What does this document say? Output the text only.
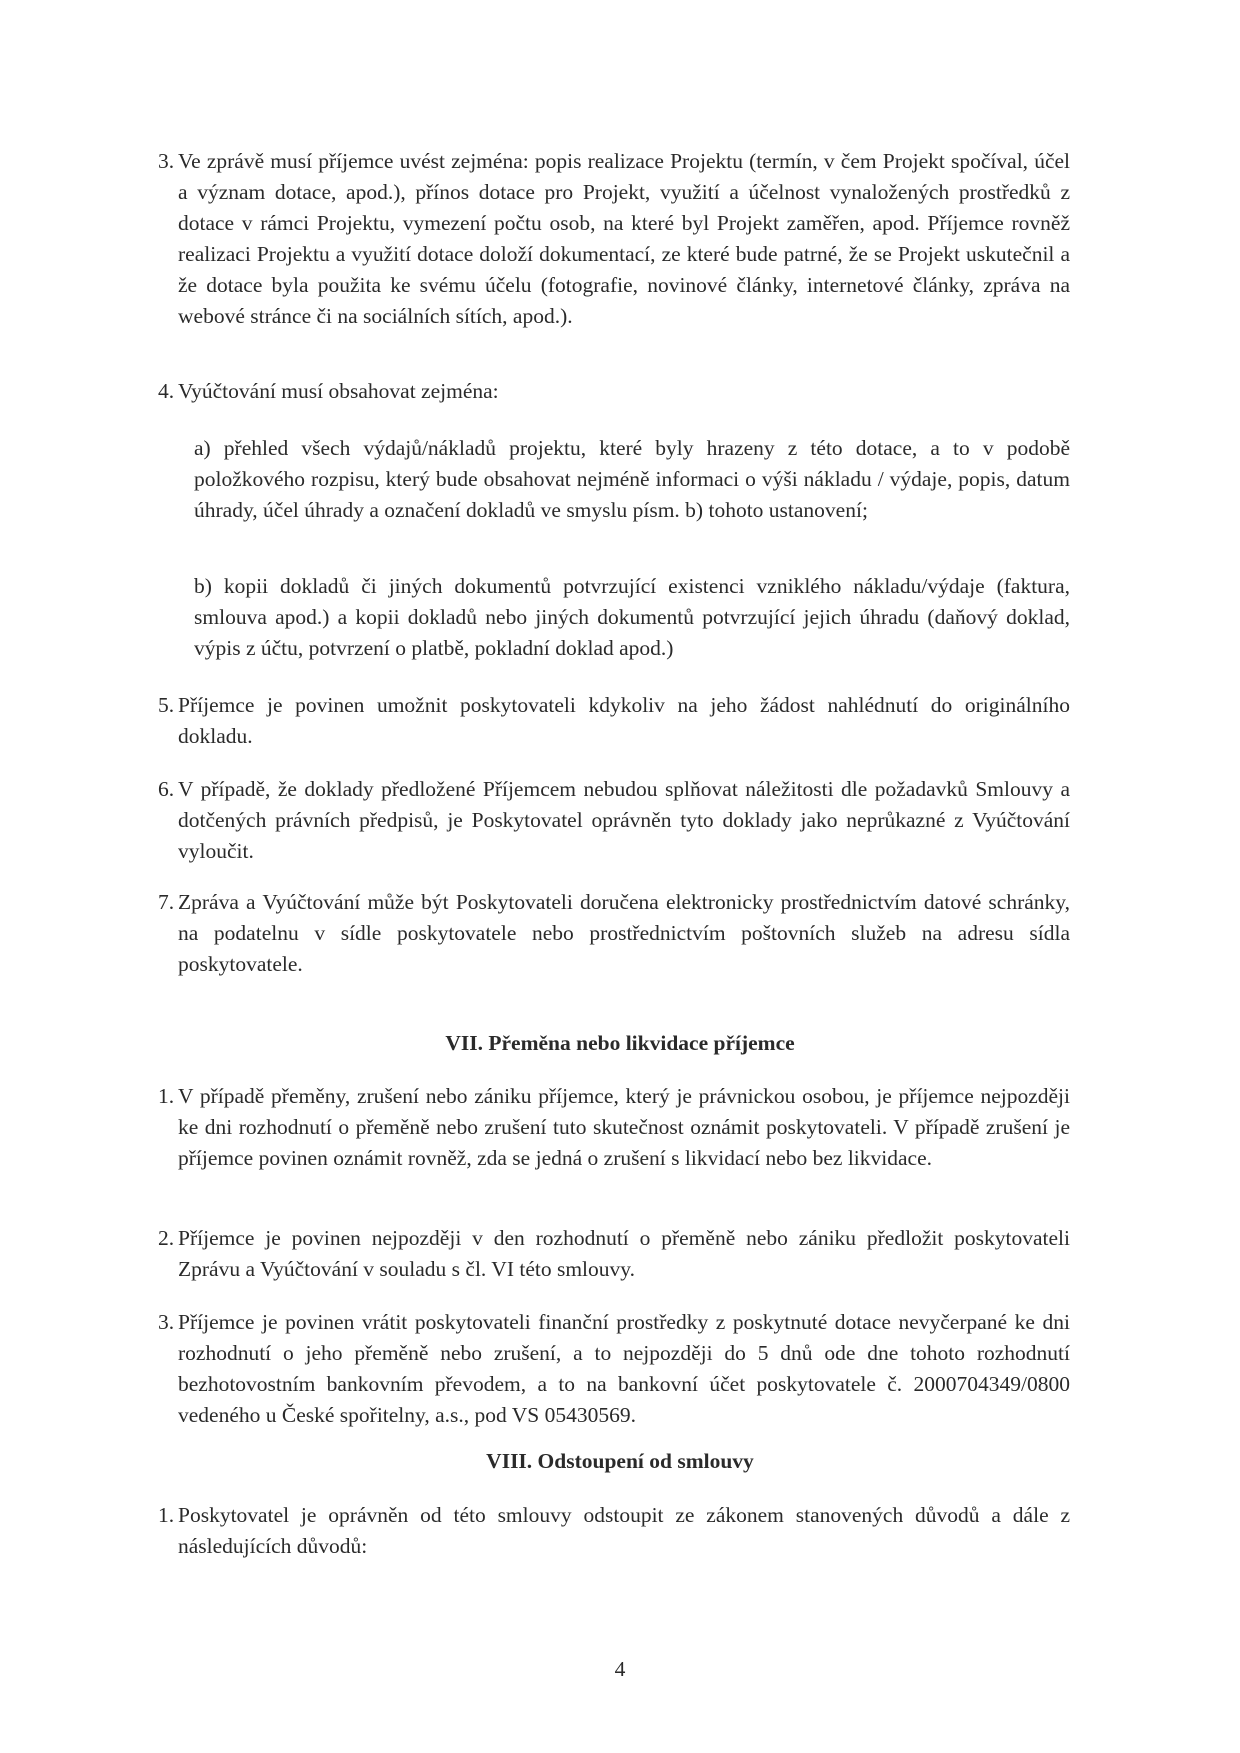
3. Ve zprávě musí příjemce uvést zejména: popis realizace Projektu (termín, v čem Projekt spočíval, účel a význam dotace, apod.), přínos dotace pro Projekt, využití a účelnost vynaložených prostředků z dotace v rámci Projektu, vymezení počtu osob, na které byl Projekt zaměřen, apod. Příjemce rovněž realizaci Projektu a využití dotace doloží dokumentací, ze které bude patrné, že se Projekt uskutečnil a že dotace byla použita ke svému účelu (fotografie, novinové články, internetové články, zpráva na webové stránce či na sociálních sítích, apod.).
4. Vyúčtování musí obsahovat zejména:
a) přehled všech výdajů/nákladů projektu, které byly hrazeny z této dotace, a to v podobě položkového rozpisu, který bude obsahovat nejméně informaci o výši nákladu / výdaje, popis, datum úhrady, účel úhrady a označení dokladů ve smyslu písm. b) tohoto ustanovení;
b) kopii dokladů či jiných dokumentů potvrzující existenci vzniklého nákladu/výdaje (faktura, smlouva apod.) a kopii dokladů nebo jiných dokumentů potvrzující jejich úhradu (daňový doklad, výpis z účtu, potvrzení o platbě, pokladní doklad apod.)
5. Příjemce je povinen umožnit poskytovateli kdykoliv na jeho žádost nahlédnutí do originálního dokladu.
6. V případě, že doklady předložené Příjemcem nebudou splňovat náležitosti dle požadavků Smlouvy a dotčených právních předpisů, je Poskytovatel oprávněn tyto doklady jako neprůkazné z Vyúčtování vyloučit.
7. Zpráva a Vyúčtování může být Poskytovateli doručena elektronicky prostřednictvím datové schránky, na podatelnu v sídle poskytovatele nebo prostřednictvím poštovních služeb na adresu sídla poskytovatele.
VII. Přeměna nebo likvidace příjemce
1. V případě přeměny, zrušení nebo zániku příjemce, který je právnickou osobou, je příjemce nejpozději ke dni rozhodnutí o přeměně nebo zrušení tuto skutečnost oznámit poskytovateli. V případě zrušení je příjemce povinen oznámit rovněž, zda se jedná o zrušení s likvidací nebo bez likvidace.
2. Příjemce je povinen nejpozději v den rozhodnutí o přeměně nebo zániku předložit poskytovateli Zprávu a Vyúčtování v souladu s čl. VI této smlouvy.
3. Příjemce je povinen vrátit poskytovateli finanční prostředky z poskytnuté dotace nevyčerpané ke dni rozhodnutí o jeho přeměně nebo zrušení, a to nejpozději do 5 dnů ode dne tohoto rozhodnutí bezhotovostním bankovním převodem, a to na bankovní účet poskytovatele č. 2000704349/0800 vedeného u České spořitelny, a.s., pod VS 05430569.
VIII. Odstoupení od smlouvy
1. Poskytovatel je oprávněn od této smlouvy odstoupit ze zákonem stanovených důvodů a dále z následujících důvodů:
4
